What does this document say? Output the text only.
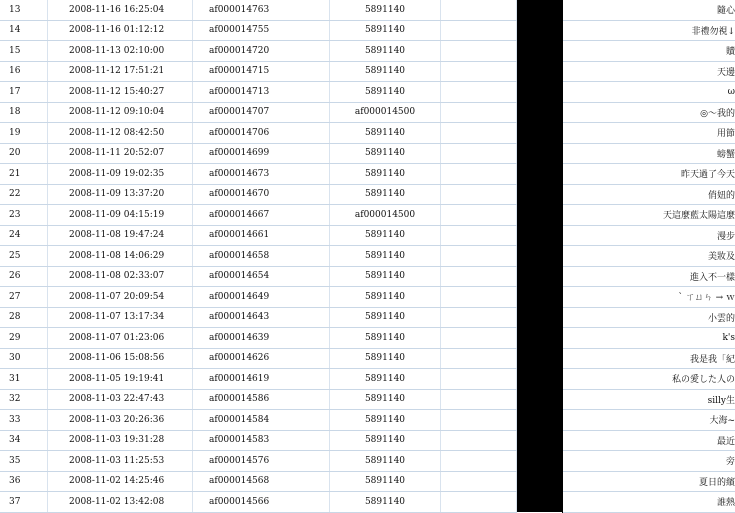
13	2008-11-16 16:25:04	af000014763	5891140			隨心
14	2008-11-16 01:12:12	af000014755	5891140			非禮勿視↓
15	2008-11-13 02:10:00	af000014720	5891140			贖
16	2008-11-12 17:51:21	af000014715	5891140			天邊
17	2008-11-12 15:40:27	af000014713	5891140			ω
18	2008-11-12 09:10:04	af000014707	af000014500			◎～我的
19	2008-11-12 08:42:50	af000014706	5891140			用節
20	2008-11-11 20:52:07	af000014699	5891140			螃蟹
21	2008-11-09 19:02:35	af000014673	5891140			昨天過了今天
22	2008-11-09 13:37:20	af000014670	5891140			俏妞的
23	2008-11-09 04:15:19	af000014667	af000014500			天這麼藍太陽這麼
24	2008-11-08 19:47:24	af000014661	5891140			漫步
25	2008-11-08 14:06:29	af000014658	5891140			美妝及
26	2008-11-08 02:33:07	af000014654	5891140			進入不一樣
27	2008-11-07 20:09:54	af000014649	5891140			ˋ ㄒㄩㄣ → ｗ
28	2008-11-07 13:17:34	af000014643	5891140			小雲的
29	2008-11-07 01:23:06	af000014639	5891140			k's
30	2008-11-06 15:08:56	af000014626	5891140			我是我「紀
31	2008-11-05 19:19:41	af000014619	5891140			私の愛した人の
32	2008-11-03 22:47:43	af000014586	5891140			silly生
33	2008-11-03 20:26:36	af000014584	5891140			大海~
34	2008-11-03 19:31:28	af000014583	5891140			最近
35	2008-11-03 11:25:53	af000014576	5891140			旁
36	2008-11-02 14:25:46	af000014568	5891140			夏日的繽
37	2008-11-02 13:42:08	af000014566	5891140			誰熱
